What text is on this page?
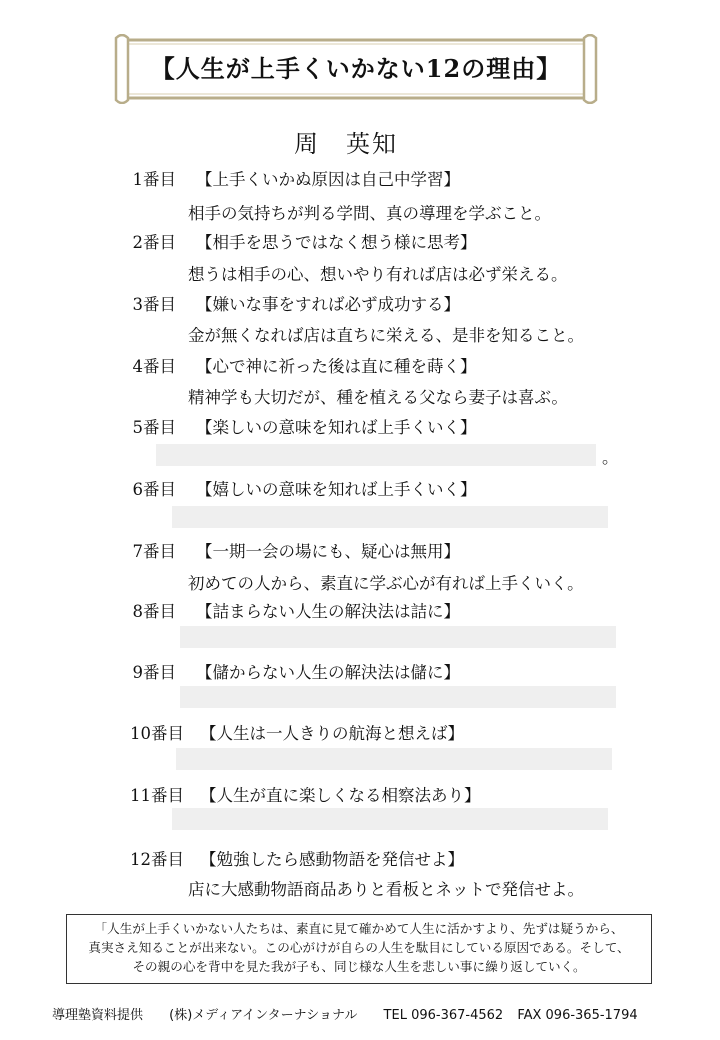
【人生が上手くいかない12の理由】
周　英知
1番目 【上手くいかぬ原因は自己中学習】
相手の気持ちが判る学問、真の導理を学ぶこと。
2番目 【相手を思うではなく想う様に思考】
想うは相手の心、想いやり有れば店は必ず栄える。
3番目 【嫌いな事をすれば必ず成功する】
金が無くなれば店は直ちに栄える、是非を知ること。
4番目 【心で神に祈った後は直に種を蒔く】
精神学も大切だが、種を植える父なら妻子は喜ぶ。
5番目 【楽しいの意味を知れば上手くいく】
。
6番目 【嬉しいの意味を知れば上手くいく】
7番目 【一期一会の場にも、疑心は無用】
初めての人から、素直に学ぶ心が有れば上手くいく。
8番目 【詰まらない人生の解決法は詰に】
9番目 【儲からない人生の解決法は儲に】
10番目 【人生は一人きりの航海と想えば】
11番目 【人生が直に楽しくなる相察法あり】
12番目 【勉強したら感動物語を発信せよ】
店に大感動物語商品ありと看板とネットで発信せよ。
「人生が上手くいかない人たちは、素直に見て確かめて人生に活かすより、先ずは疑うから、
真実さえ知ることが出来ない。この心がけが自らの人生を駄目にしている原因である。そして、
その親の心を背中を見た我が子も、同じ様な人生を悲しい事に繰り返していく。
導理塾資料提供 (株)メディアインターナショナル TEL 096-367-4562 FAX 096-365-1794
